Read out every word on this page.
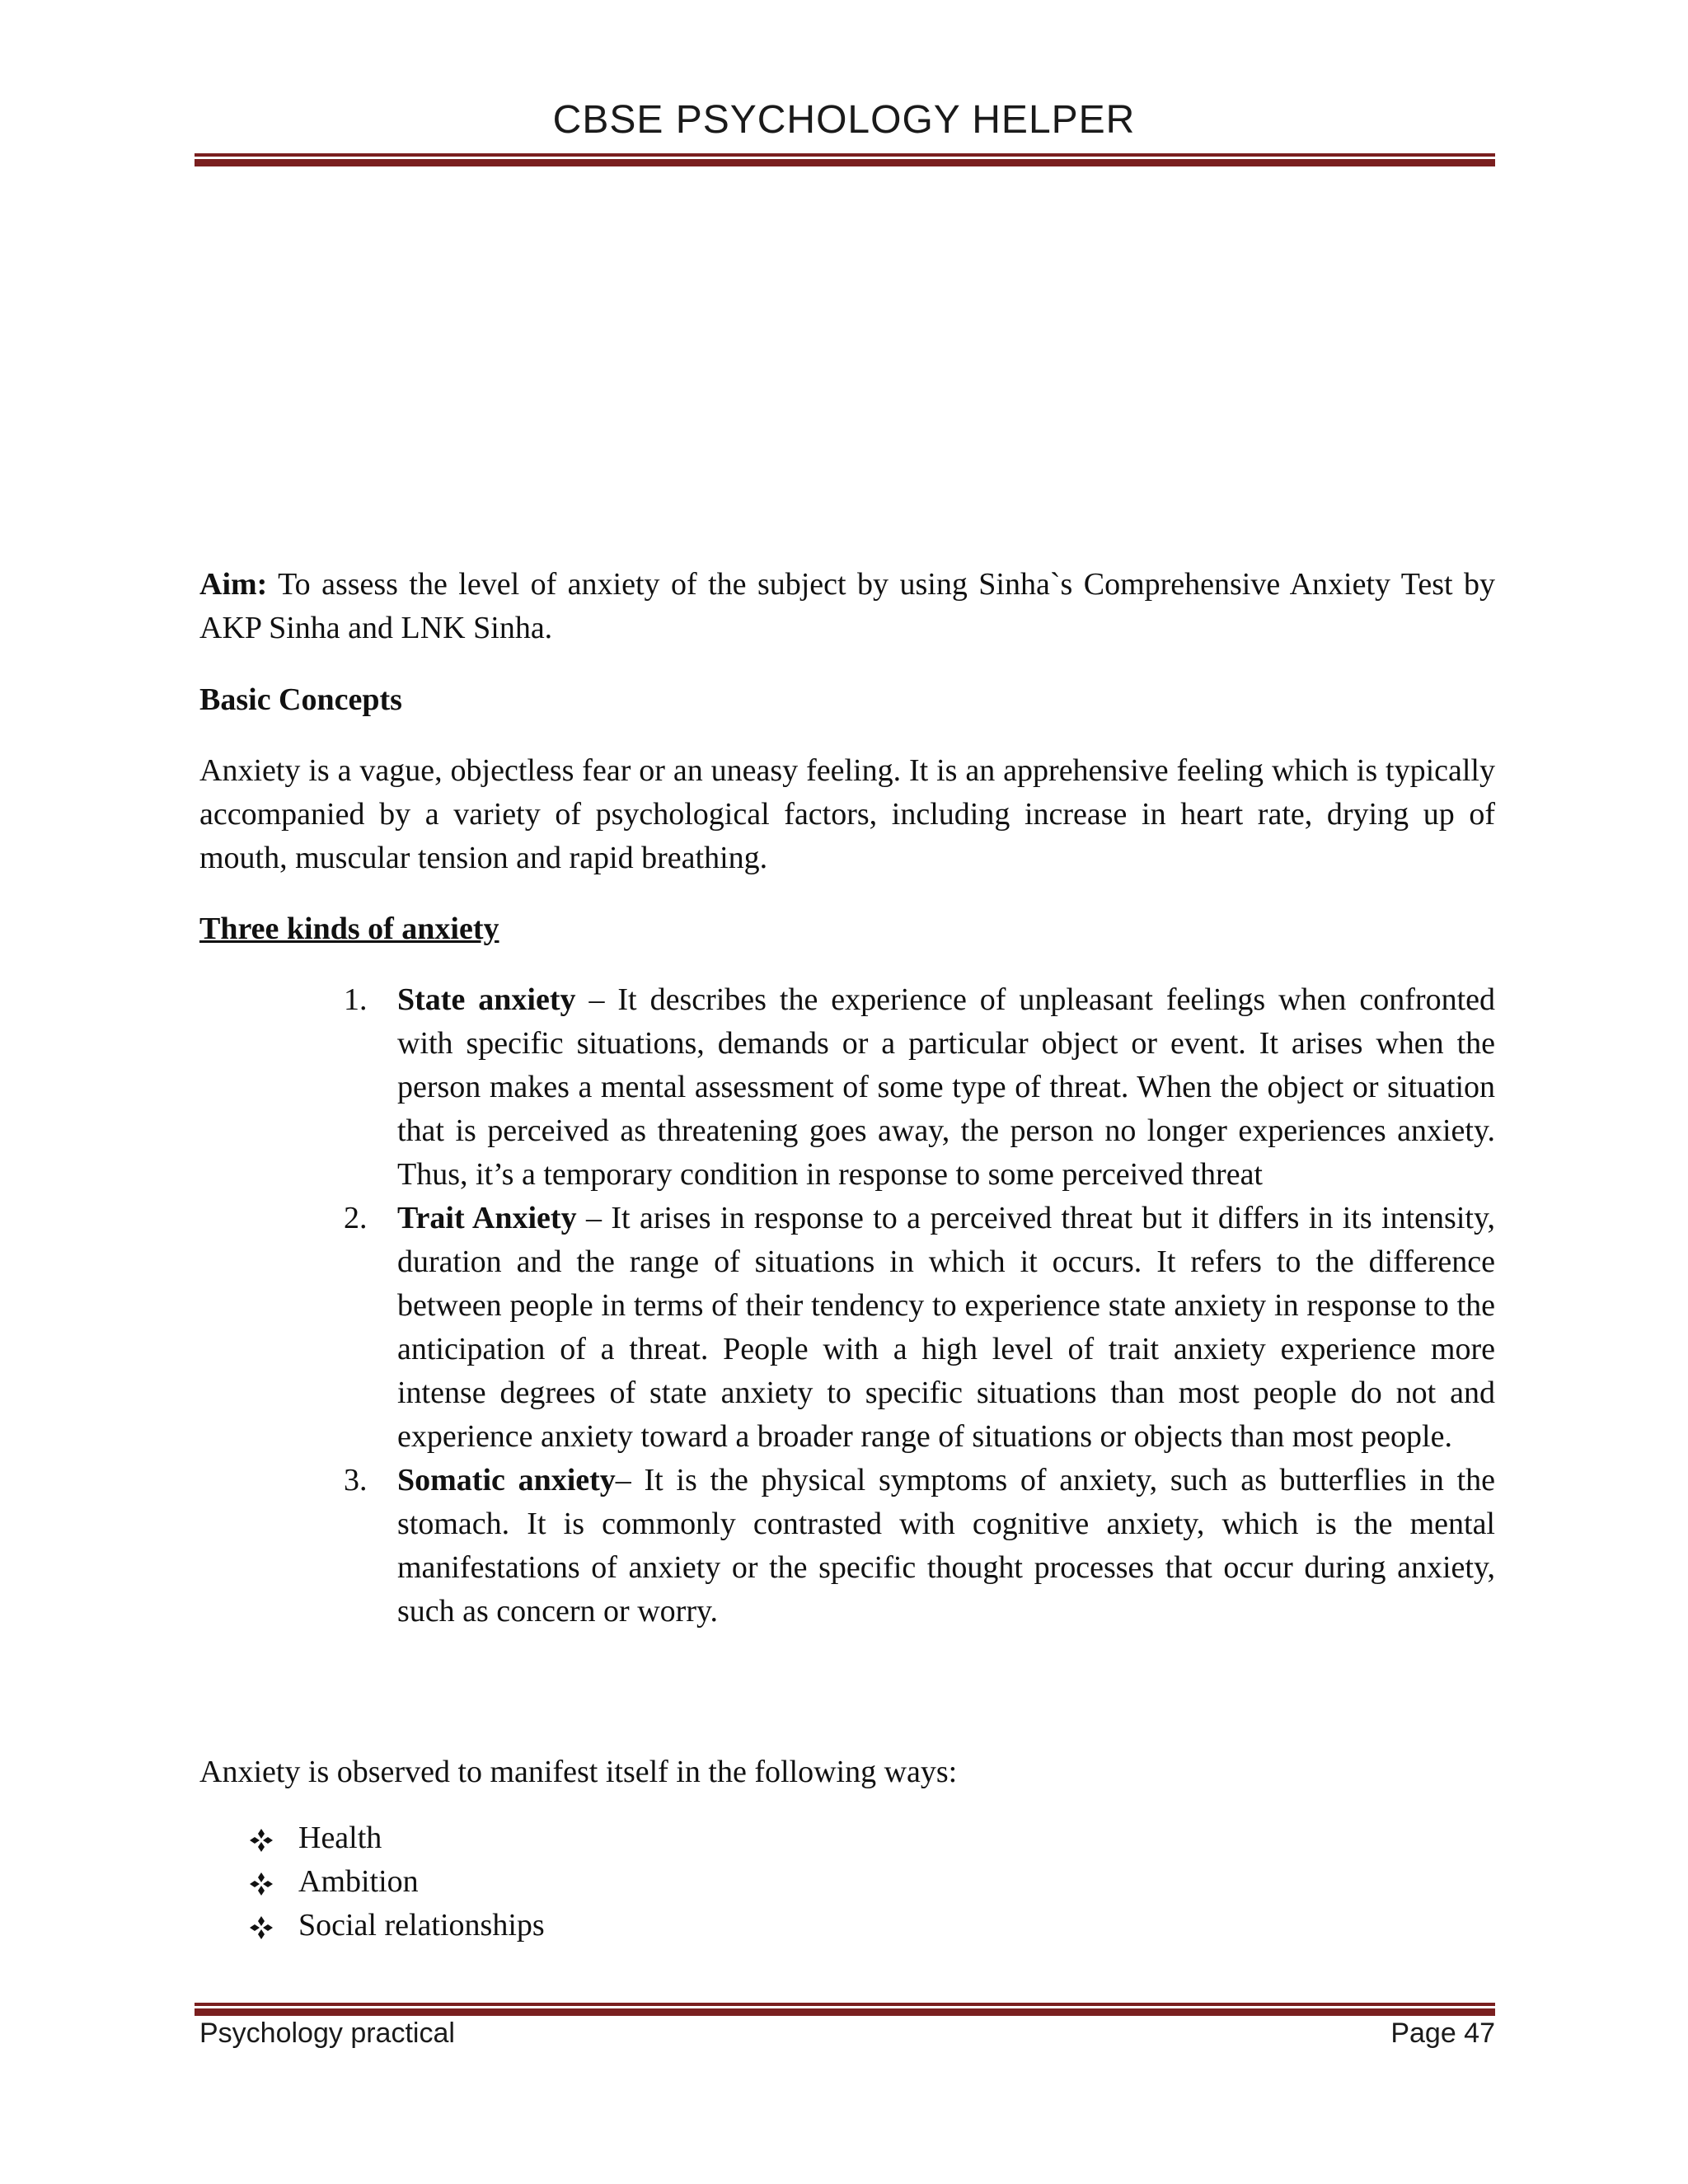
CBSE PSYCHOLOGY HELPER
Aim: To assess the level of anxiety of the subject by using Sinha`s Comprehensive Anxiety Test by AKP Sinha and LNK Sinha.
Basic Concepts
Anxiety is a vague, objectless fear or an uneasy feeling. It is an apprehensive feeling which is typically accompanied by a variety of psychological factors, including increase in heart rate, drying up of mouth, muscular tension and rapid breathing.
Three kinds of anxiety
1. State anxiety – It describes the experience of unpleasant feelings when confronted with specific situations, demands or a particular object or event. It arises when the person makes a mental assessment of some type of threat. When the object or situation that is perceived as threatening goes away, the person no longer experiences anxiety. Thus, it’s a temporary condition in response to some perceived threat
2. Trait Anxiety – It arises in response to a perceived threat but it differs in its intensity, duration and the range of situations in which it occurs. It refers to the difference between people in terms of their tendency to experience state anxiety in response to the anticipation of a threat. People with a high level of trait anxiety experience more intense degrees of state anxiety to specific situations than most people do not and experience anxiety toward a broader range of situations or objects than most people.
3. Somatic anxiety– It is the physical symptoms of anxiety, such as butterflies in the stomach. It is commonly contrasted with cognitive anxiety, which is the mental manifestations of anxiety or the specific thought processes that occur during anxiety, such as concern or worry.
Anxiety is observed to manifest itself in the following ways:
Health
Ambition
Social relationships
Psychology practical	Page 47
